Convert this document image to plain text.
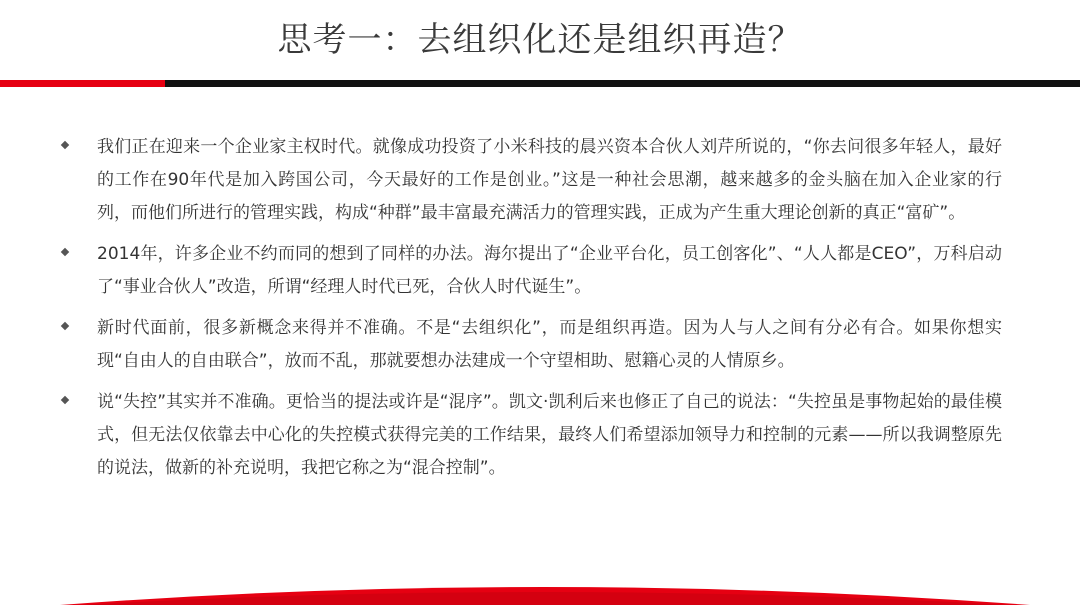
思考一：去组织化还是组织再造？
我们正在迎来一个企业家主权时代。就像成功投资了小米科技的晨兴资本合伙人刘芹所说的，“你去问很多年轻人，最好的工作在90年代是加入跨国公司，今天最好的工作是创业。”这是一种社会思潮，越来越多的金头脑在加入企业家的行列，而他们所进行的管理实践，构成“种群”最丰富最充满活力的管理实践，正成为产生重大理论创新的真正“富矿”。
2014年，许多企业不约而同的想到了同样的办法。海尔提出了“企业平台化，员工创客化”、“人人都是CEO”，万科启动了“事业合伙人”改造，所谓“经理人时代已死，合伙人时代诞生”。
新时代面前，很多新概念来得并不准确。不是“去组织化”，而是组织再造。因为人与人之间有分必有合。如果你想实现“自由人的自由联合”，放而不乱，那就要想办法建成一个守望相助、慰籍心灵的人情原乡。
说“失控”其实并不准确。更恰当的提法或许是“混序”。凯文·凯利后来也修正了自己的说法：“失控虽是事物起始的最佳模式，但无法仅依靠去中心化的失控模式获得完美的工作结果，最终人们希望添加领导力和控制的元素——所以我调整原先的说法，做新的补充说明，我把它称之为“混合控制”。
